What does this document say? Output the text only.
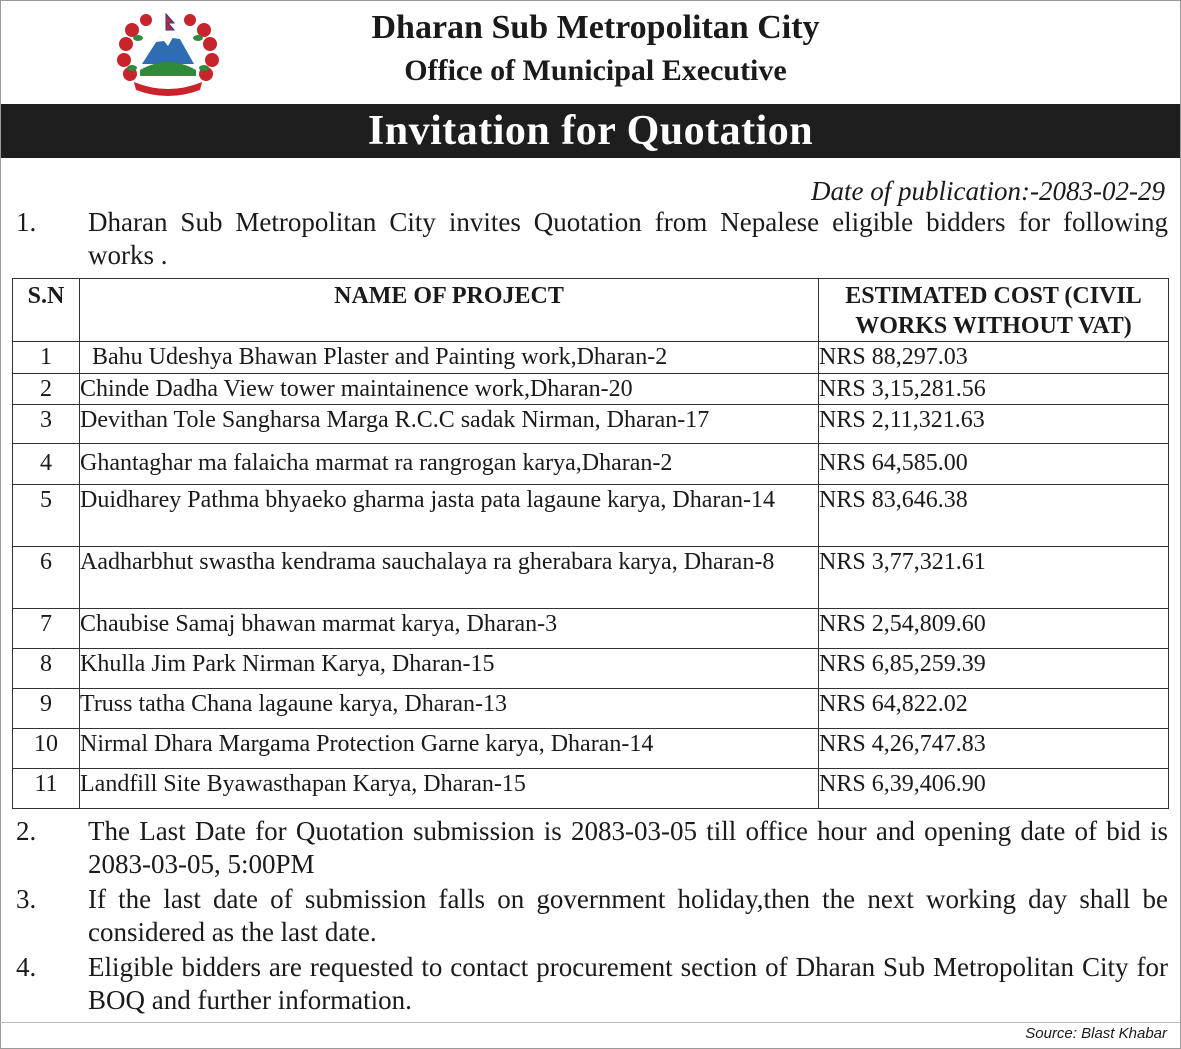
Dharan Sub Metropolitan City
Office of Municipal Executive
Invitation for Quotation
Date of publication:-2083-02-29
1. Dharan Sub Metropolitan City invites Quotation from Nepalese eligible bidders for following works .
S.N	NAME OF PROJECT	ESTIMATED COST (CIVIL WORKS WITHOUT VAT)
1	Bahu Udeshya Bhawan Plaster and Painting work,Dharan-2	NRS 88,297.03
2	Chinde Dadha View tower maintainence work,Dharan-20	NRS 3,15,281.56
3	Devithan Tole Sangharsa Marga R.C.C sadak Nirman, Dharan-17	NRS 2,11,321.63
4	Ghantaghar ma falaicha marmat ra rangrogan karya,Dharan-2	NRS 64,585.00
5	Duidharey Pathma bhyaeko gharma jasta pata lagaune karya, Dharan-14	NRS 83,646.38
6	Aadharbhut swastha kendrama sauchalaya ra gherabara karya, Dharan-8	NRS 3,77,321.61
7	Chaubise Samaj bhawan marmat karya, Dharan-3	NRS 2,54,809.60
8	Khulla Jim Park Nirman Karya, Dharan-15	NRS 6,85,259.39
9	Truss tatha Chana lagaune karya, Dharan-13	NRS 64,822.02
10	Nirmal Dhara Margama Protection Garne karya, Dharan-14	NRS 4,26,747.83
11	Landfill Site Byawasthapan Karya, Dharan-15	NRS 6,39,406.90
2. The Last Date for Quotation submission is 2083-03-05 till office hour and opening date of bid is 2083-03-05, 5:00PM
3. If the last date of submission falls on government holiday,then the next working day shall be considered as the last date.
4. Eligible bidders are requested to contact procurement section of Dharan Sub Metropolitan City for BOQ and further information.
Source: Blast Khabar
